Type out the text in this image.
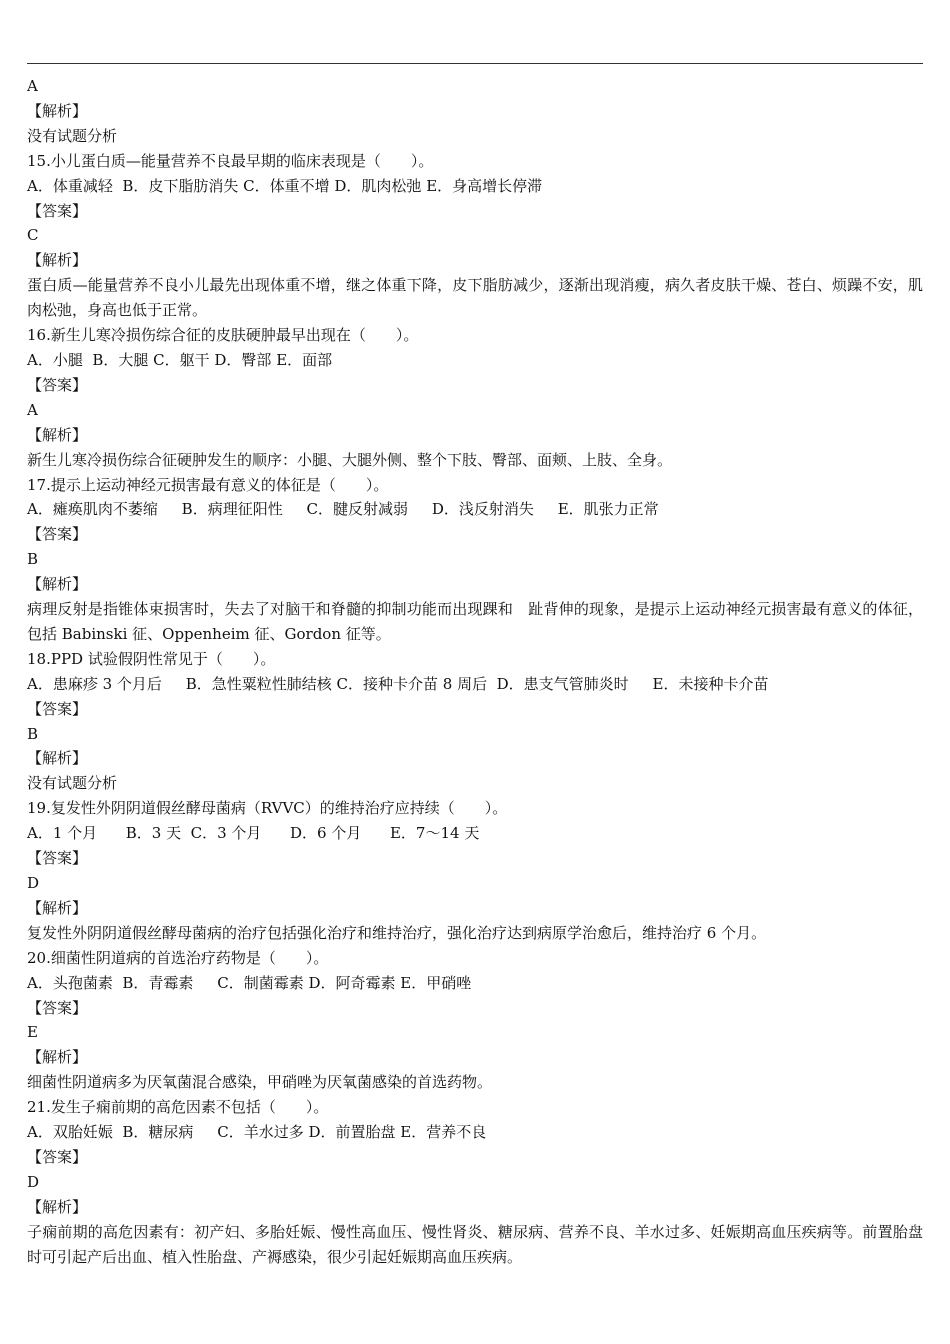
A
【解析】
没有试题分析
15.小儿蛋白质—能量营养不良最早期的临床表现是（　　）。
A．体重减轻  B．皮下脂肪消失 C．体重不增 D．肌肉松弛 E．身高增长停滞
【答案】
C
【解析】
蛋白质—能量营养不良小儿最先出现体重不增，继之体重下降，皮下脂肪减少，逐渐出现消瘦，病久者皮肤干燥、苍白、烦躁不安，肌肉松弛，身高也低于正常。
16.新生儿寒冷损伤综合征的皮肤硬肿最早出现在（　　）。
A．小腿  B．大腿 C．躯干 D．臀部 E．面部
【答案】
A
【解析】
新生儿寒冷损伤综合征硬肿发生的顺序：小腿、大腿外侧、整个下肢、臀部、面颊、上肢、全身。
17.提示上运动神经元损害最有意义的体征是（　　）。
A．瘫痪肌肉不萎缩     B．病理征阳性     C．腱反射减弱     D．浅反射消失     E．肌张力正常
【答案】
B
【解析】
病理反射是指锥体束损害时，失去了对脑干和脊髓的抑制功能而出现踝和　趾背伸的现象，是提示上运动神经元损害最有意义的体征，包括 Babinski 征、Oppenheim 征、Gordon 征等。
18.PPD 试验假阴性常见于（　　）。
A．患麻疹 3 个月后     B．急性粟粒性肺结核 C．接种卡介苗 8 周后  D．患支气管肺炎时     E．未接种卡介苗
【答案】
B
【解析】
没有试题分析
19.复发性外阴阴道假丝酵母菌病（RVVC）的维持治疗应持续（　　）。
A．1 个月      B．3 天  C．3 个月      D．6 个月      E．7～14 天
【答案】
D
【解析】
复发性外阴阴道假丝酵母菌病的治疗包括强化治疗和维持治疗，强化治疗达到病原学治愈后，维持治疗 6 个月。
20.细菌性阴道病的首选治疗药物是（　　）。
A．头孢菌素  B．青霉素     C．制菌霉素 D．阿奇霉素 E．甲硝唑
【答案】
E
【解析】
细菌性阴道病多为厌氧菌混合感染，甲硝唑为厌氧菌感染的首选药物。
21.发生子痫前期的高危因素不包括（　　）。
A．双胎妊娠  B．糖尿病     C．羊水过多 D．前置胎盘 E．营养不良
【答案】
D
【解析】
子痫前期的高危因素有：初产妇、多胎妊娠、慢性高血压、慢性肾炎、糖尿病、营养不良、羊水过多、妊娠期高血压疾病等。前置胎盘时可引起产后出血、植入性胎盘、产褥感染，很少引起妊娠期高血压疾病。
